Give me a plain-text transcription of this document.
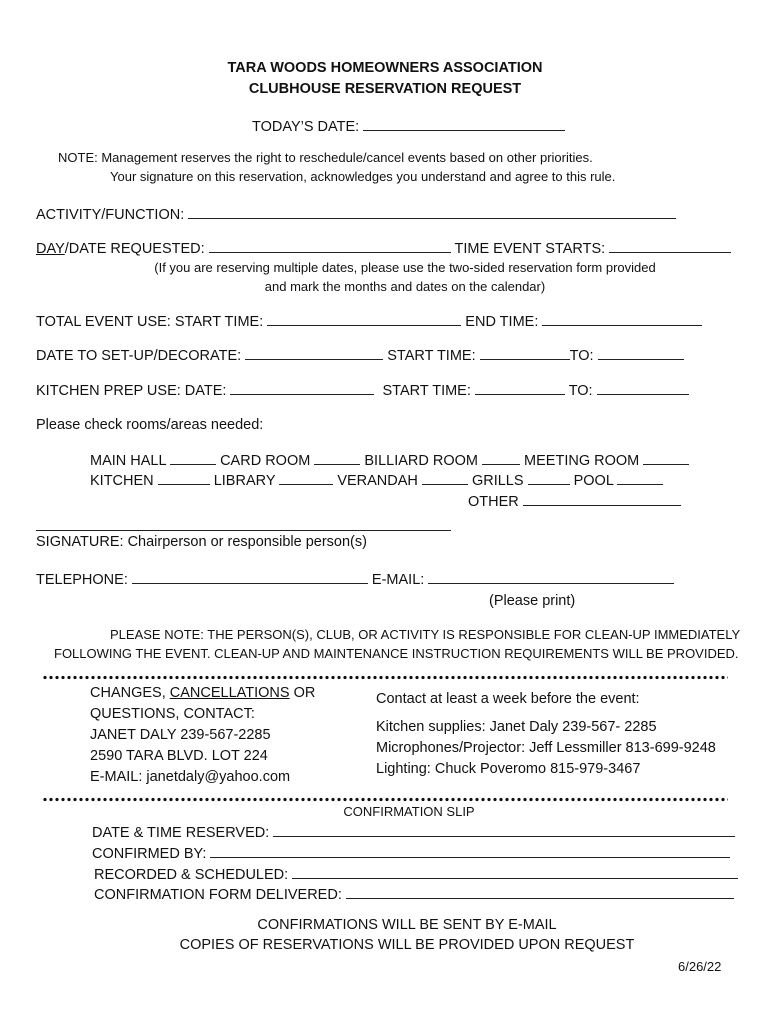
TARA WOODS HOMEOWNERS ASSOCIATION
CLUBHOUSE RESERVATION REQUEST
TODAY’S DATE:
NOTE: Management reserves the right to reschedule/cancel events based on other priorities.
Your signature on this reservation, acknowledges you understand and agree to this rule.
ACTIVITY/FUNCTION:
DAY/DATE REQUESTED:	TIME EVENT STARTS:
(If you are reserving multiple dates, please use the two-sided reservation form provided
and mark the months and dates on the calendar)
TOTAL EVENT USE: START TIME:	END TIME:
DATE TO SET-UP/DECORATE:	START TIME:	TO:
KITCHEN PREP USE: DATE:	START TIME:	TO:
Please check rooms/areas needed:
MAIN HALL	CARD ROOM	BILLIARD ROOM	MEETING ROOM
KITCHEN	LIBRARY	VERANDAH	GRILLS	POOL
OTHER
SIGNATURE: Chairperson or responsible person(s)
TELEPHONE:	E-MAIL:
(Please print)
PLEASE NOTE: THE PERSON(S), CLUB, OR ACTIVITY IS RESPONSIBLE FOR CLEAN-UP IMMEDIATELY
FOLLOWING THE EVENT. CLEAN-UP AND MAINTENANCE INSTRUCTION REQUIREMENTS WILL BE PROVIDED.
CHANGES, CANCELLATIONS OR
QUESTIONS, CONTACT:
JANET DALY 239-567-2285
2590 TARA BLVD. LOT 224
E-MAIL: janetdaly@yahoo.com
Contact at least a week before the event:
Kitchen supplies: Janet Daly 239-567- 2285
Microphones/Projector: Jeff Lessmiller 813-699-9248
Lighting: Chuck Poveromo 815-979-3467
CONFIRMATION SLIP
DATE & TIME RESERVED:
CONFIRMED BY:
RECORDED & SCHEDULED:
CONFIRMATION FORM DELIVERED:
CONFIRMATIONS WILL BE SENT BY E-MAIL
COPIES OF RESERVATIONS WILL BE PROVIDED UPON REQUEST
6/26/22
